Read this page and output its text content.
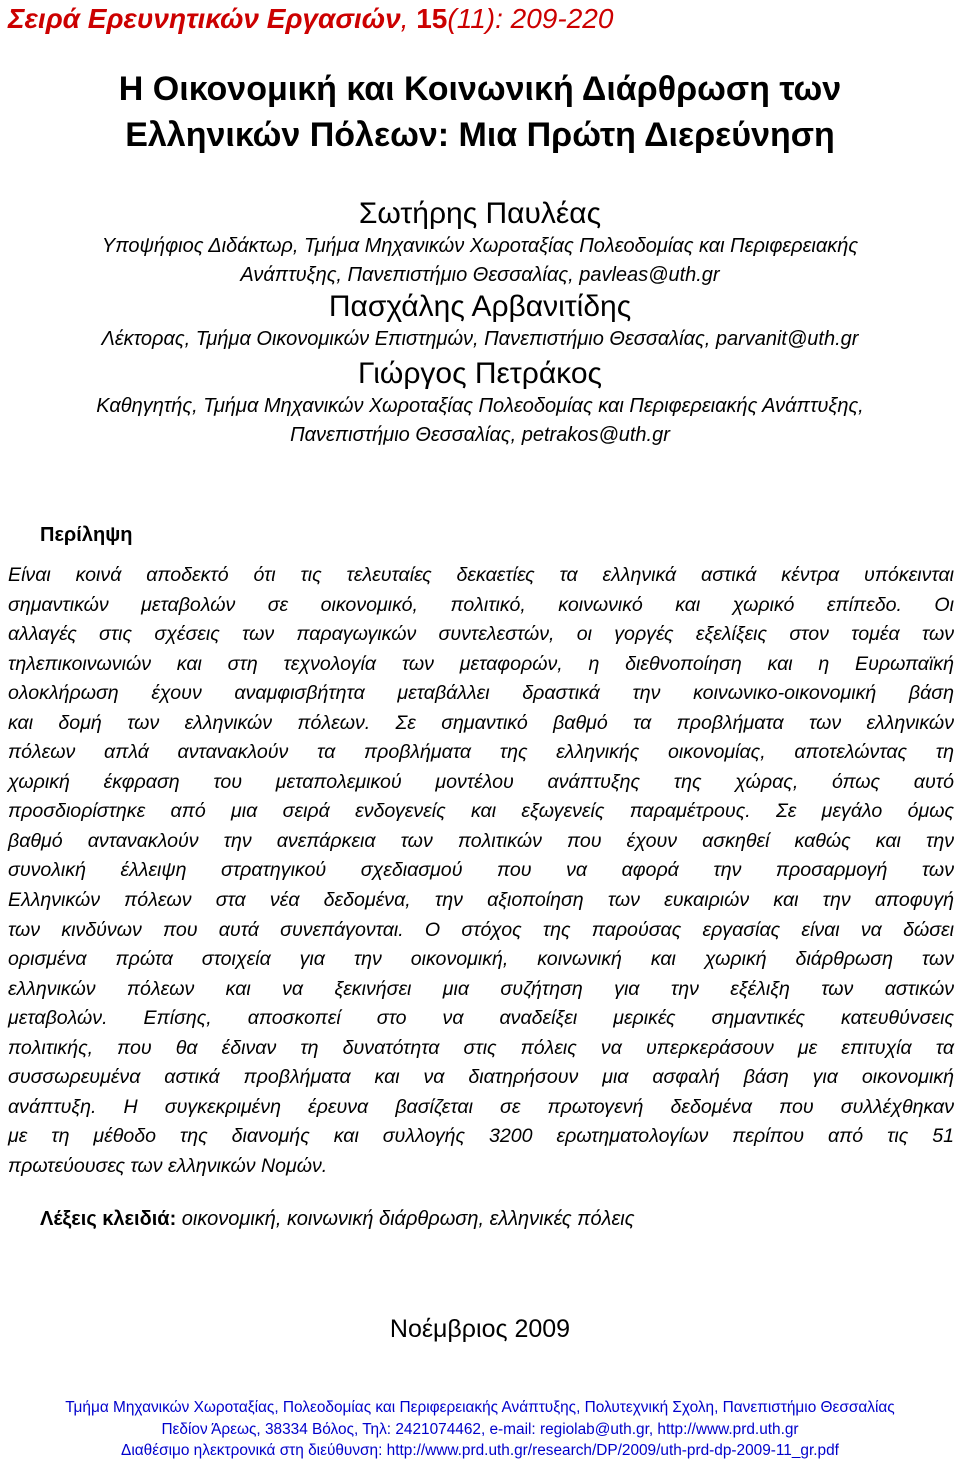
Σειρά Ερευνητικών Εργασιών, 15(11): 209-220
Η Οικονομική και Κοινωνική Διάρθρωση των
Ελληνικών Πόλεων: Μια Πρώτη Διερεύνηση
Σωτήρης Παυλέας
Υποψήφιος Διδάκτωρ, Τμήμα Μηχανικών Χωροταξίας Πολεοδομίας και Περιφερειακής
Ανάπτυξης, Πανεπιστήμιο Θεσσαλίας, pavleas@uth.gr
Πασχάλης Αρβανιτίδης
Λέκτορας, Τμήμα Οικονομικών Επιστημών, Πανεπιστήμιο Θεσσαλίας, parvanit@uth.gr
Γιώργος Πετράκος
Καθηγητής, Τμήμα Μηχανικών Χωροταξίας Πολεοδομίας και Περιφερειακής Ανάπτυξης,
Πανεπιστήμιο Θεσσαλίας, petrakos@uth.gr
Περίληψη
Είναι κοινά αποδεκτό ότι τις τελευταίες δεκαετίες τα ελληνικά αστικά κέντρα υπόκεινται
σημαντικών μεταβολών σε οικονομικό, πολιτικό, κοινωνικό και χωρικό επίπεδο. Οι
αλλαγές στις σχέσεις των παραγωγικών συντελεστών, οι γοργές εξελίξεις στον τομέα των
τηλεπικοινωνιών και στη τεχνολογία των μεταφορών, η διεθνοποίηση και η Ευρωπαϊκή
ολοκλήρωση έχουν αναμφισβήτητα μεταβάλλει δραστικά την κοινωνικο-οικονομική βάση
και δομή των ελληνικών πόλεων. Σε σημαντικό βαθμό τα προβλήματα των ελληνικών
πόλεων απλά αντανακλούν τα προβλήματα της ελληνικής οικονομίας, αποτελώντας τη
χωρική έκφραση του μεταπολεμικού μοντέλου ανάπτυξης της χώρας, όπως αυτό
προσδιορίστηκε από μια σειρά ενδογενείς και εξωγενείς παραμέτρους. Σε μεγάλο όμως
βαθμό αντανακλούν την ανεπάρκεια των πολιτικών που έχουν ασκηθεί καθώς και την
συνολική έλλειψη στρατηγικού σχεδιασμού που να αφορά την προσαρμογή των
Ελληνικών πόλεων στα νέα δεδομένα, την αξιοποίηση των ευκαιριών και την αποφυγή
των κινδύνων που αυτά συνεπάγονται. Ο στόχος της παρούσας εργασίας είναι να δώσει
ορισμένα πρώτα στοιχεία για την οικονομική, κοινωνική και χωρική διάρθρωση των
ελληνικών πόλεων και να ξεκινήσει μια συζήτηση για την εξέλιξη των αστικών
μεταβολών. Επίσης, αποσκοπεί στο να αναδείξει μερικές σημαντικές κατευθύνσεις
πολιτικής, που θα έδιναν τη δυνατότητα στις πόλεις να υπερκεράσουν με επιτυχία τα
συσσωρευμένα αστικά προβλήματα και να διατηρήσουν μια ασφαλή βάση για οικονομική
ανάπτυξη. Η συγκεκριμένη έρευνα βασίζεται σε πρωτογενή δεδομένα που συλλέχθηκαν
με τη μέθοδο της διανομής και συλλογής 3200 ερωτηματολογίων περίπου από τις 51
πρωτεύουσες των ελληνικών Νομών.
Λέξεις κλειδιά: οικονομική, κοινωνική διάρθρωση, ελληνικές πόλεις
Νοέμβριος 2009
Τμήμα Μηχανικών Χωροταξίας, Πολεοδομίας και Περιφερειακής Ανάπτυξης, Πολυτεχνική Σχολη, Πανεπιστήμιο Θεσσαλίας
Πεδίον Άρεως, 38334 Βόλος, Τηλ: 2421074462, e-mail: regiolab@uth.gr, http://www.prd.uth.gr
Διαθέσιμο ηλεκτρονικά στη διεύθυνση: http://www.prd.uth.gr/research/DP/2009/uth-prd-dp-2009-11_gr.pdf
